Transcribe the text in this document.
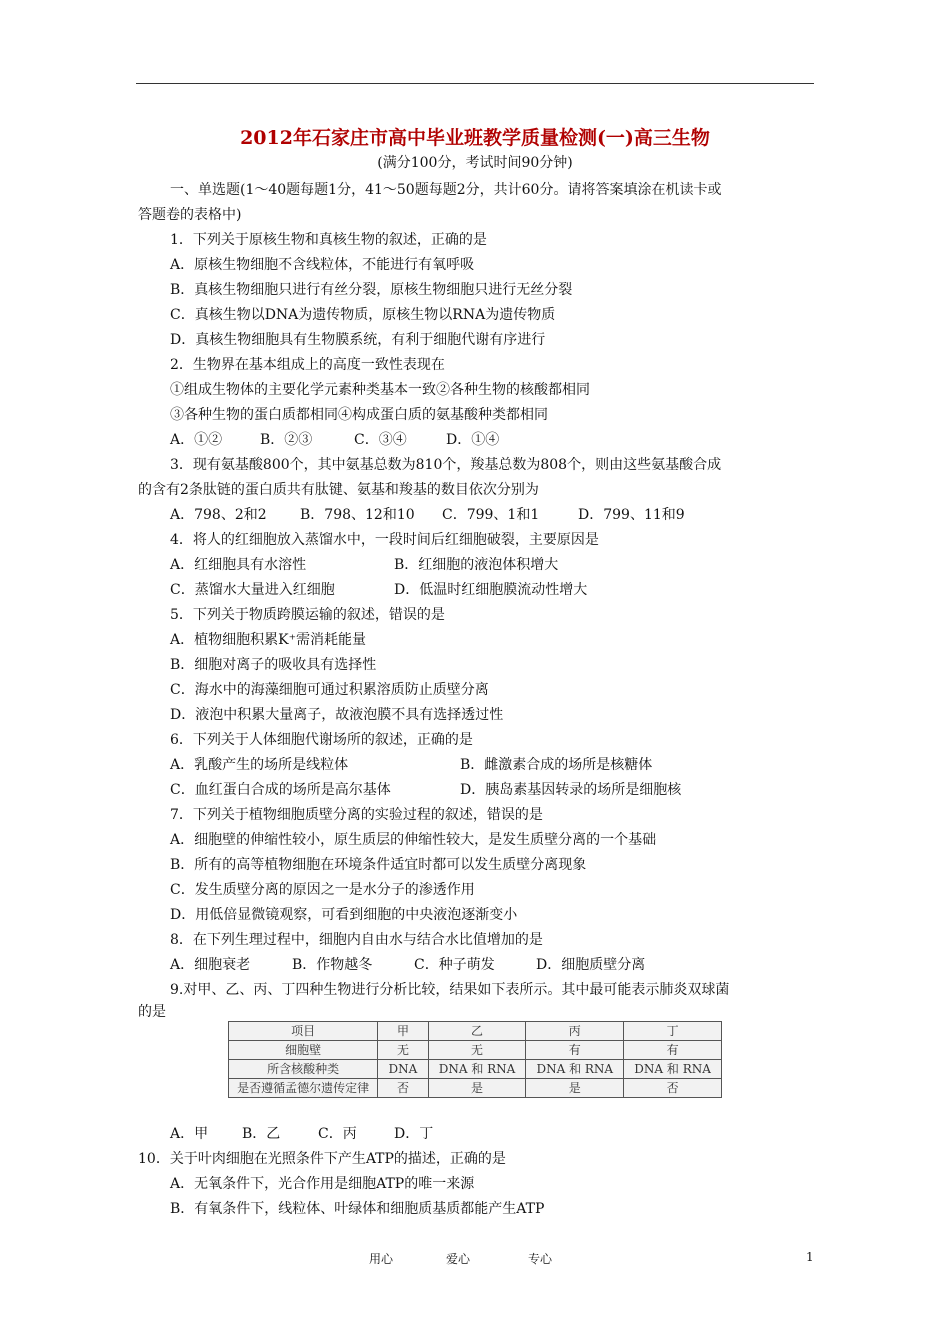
2012年石家庄市高中毕业班教学质量检测(一)高三生物
(满分100分，考试时间90分钟)
一、单选题(1～40题每题1分，41～50题每题2分，共计60分。请将答案填涂在机读卡或
答题卷的表格中)
1．下列关于原核生物和真核生物的叙述，正确的是
A．原核生物细胞不含线粒体，不能进行有氧呼吸
B．真核生物细胞只进行有丝分裂，原核生物细胞只进行无丝分裂
C．真核生物以DNA为遗传物质，原核生物以RNA为遗传物质
D．真核生物细胞具有生物膜系统，有利于细胞代谢有序进行
2．生物界在基本组成上的高度一致性表现在
①组成生物体的主要化学元素种类基本一致②各种生物的核酸都相同
③各种生物的蛋白质都相同④构成蛋白质的氨基酸种类都相同
A．①②	B．②③	C．③④	D．①④
3．现有氨基酸800个，其中氨基总数为810个，羧基总数为808个，则由这些氨基酸合成
的含有2条肽链的蛋白质共有肽键、氨基和羧基的数目依次分别为
A．798、2和2 B．798、12和10 C．799、1和1	D．799、11和9
4．将人的红细胞放入蒸馏水中，一段时间后红细胞破裂，主要原因是
A．红细胞具有水溶性	B．红细胞的液泡体积增大
C．蒸馏水大量进入红细胞	D．低温时红细胞膜流动性增大
5．下列关于物质跨膜运输的叙述，错误的是
A．植物细胞积累K⁺需消耗能量
B．细胞对离子的吸收具有选择性
C．海水中的海藻细胞可通过积累溶质防止质壁分离
D．液泡中积累大量离子，故液泡膜不具有选择透过性
6．下列关于人体细胞代谢场所的叙述，正确的是
A．乳酸产生的场所是线粒体	B．雌激素合成的场所是核糖体
C．血红蛋白合成的场所是高尔基体	D．胰岛素基因转录的场所是细胞核
7．下列关于植物细胞质壁分离的实验过程的叙述，错误的是
A．细胞壁的伸缩性较小，原生质层的伸缩性较大，是发生质壁分离的一个基础
B．所有的高等植物细胞在环境条件适宜时都可以发生质壁分离现象
C．发生质壁分离的原因之一是水分子的渗透作用
D．用低倍显微镜观察，可看到细胞的中央液泡逐渐变小
8．在下列生理过程中，细胞内自由水与结合水比值增加的是
A．细胞衰老	B．作物越冬	C．种子萌发	D．细胞质壁分离
9.对甲、乙、丙、丁四种生物进行分析比较，结果如下表所示。其中最可能表示肺炎双球菌
的是
项目	甲	乙	丙	丁
细胞壁	无	无	有	有
所含核酸种类	DNA	DNA 和 RNA	DNA 和 RNA	DNA 和 RNA
是否遵循孟德尔遗传定律	否	是	是	否
A．甲 B．乙	C．丙	D．丁
10．关于叶肉细胞在光照条件下产生ATP的描述，正确的是
A．无氧条件下，光合作用是细胞ATP的唯一来源
B．有氧条件下，线粒体、叶绿体和细胞质基质都能产生ATP
用心	爱心	专心	1
